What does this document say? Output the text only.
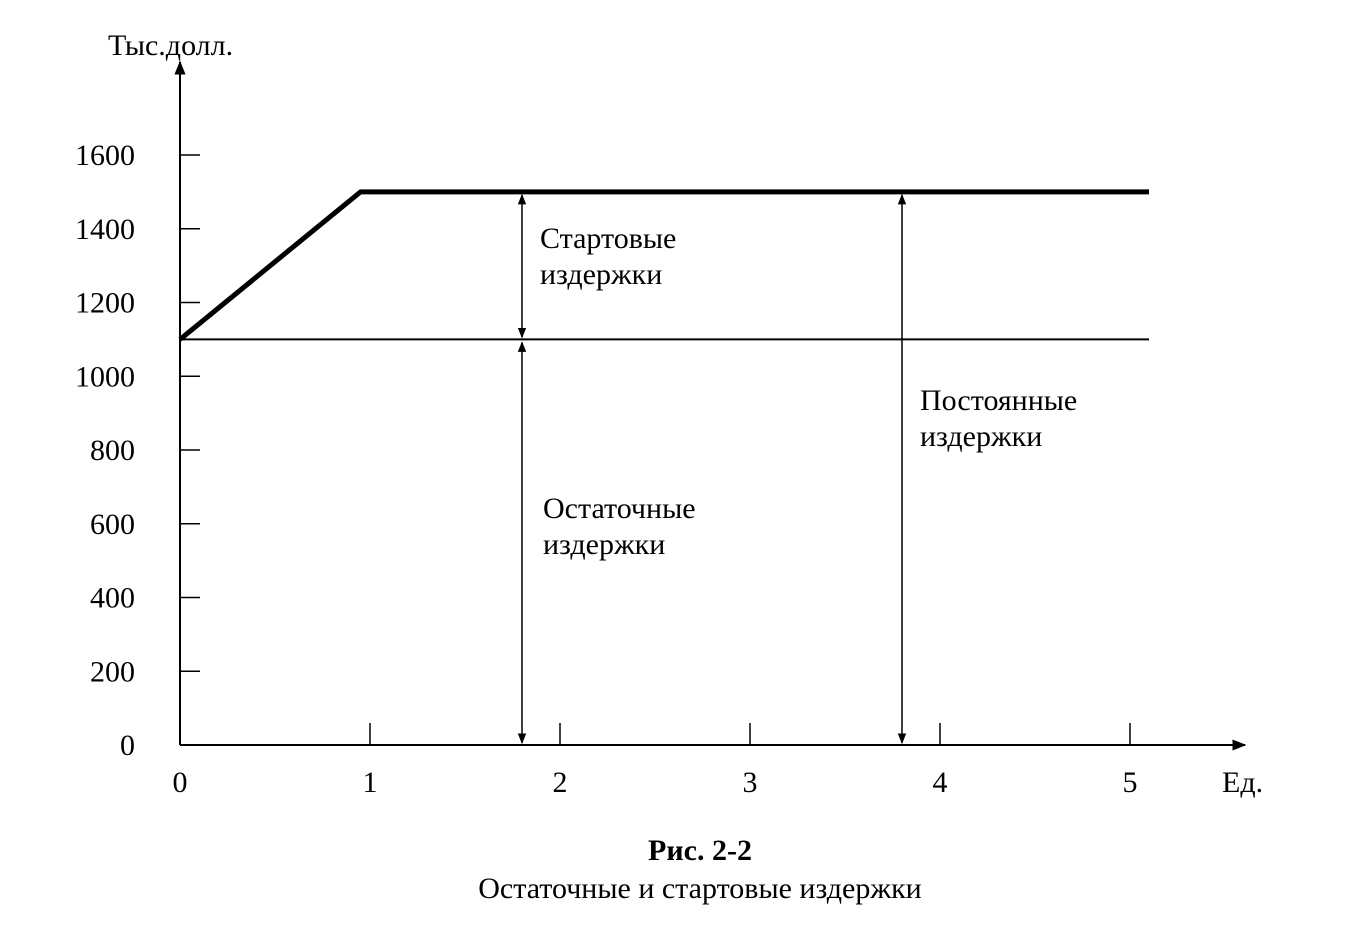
Тыс.долл.
Ед.
0
200
400
600
800
1000
1200
1400
1600
0	1	2	3	4	5
Стартовые
издержки
Остаточные
издержки
Постоянные
издержки
Рис. 2-2
Остаточные и стартовые издержки
